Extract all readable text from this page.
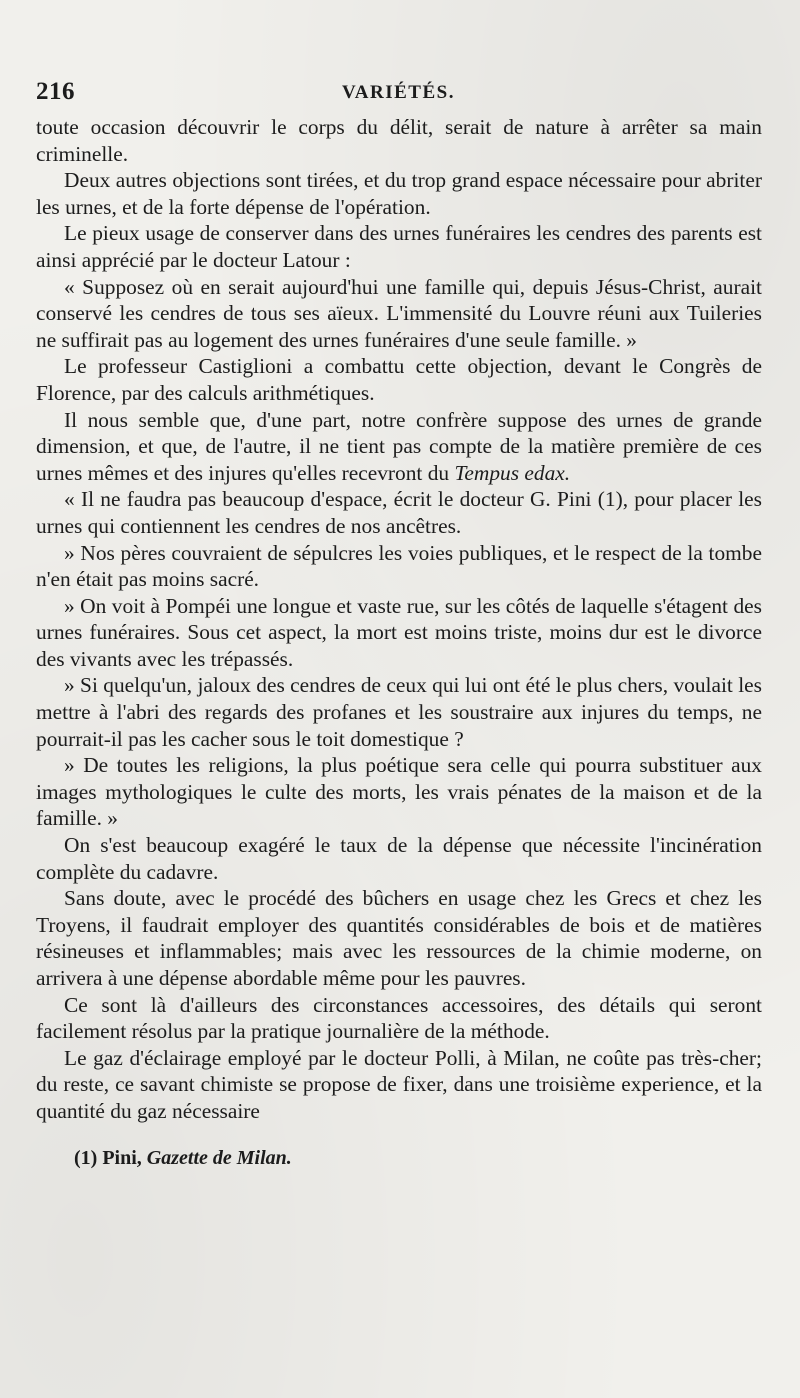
216	VARIÉTÉS.

toute occasion découvrir le corps du délit, serait de nature à arrêter sa main criminelle.

Deux autres objections sont tirées, et du trop grand espace nécessaire pour abriter les urnes, et de la forte dépense de l'opération.

Le pieux usage de conserver dans des urnes funéraires les cendres des parents est ainsi apprécié par le docteur Latour :

« Supposez où en serait aujourd'hui une famille qui, depuis Jésus-Christ, aurait conservé les cendres de tous ses aïeux. L'immensité du Louvre réuni aux Tuileries ne suffirait pas au logement des urnes funéraires d'une seule famille. »

Le professeur Castiglioni a combattu cette objection, devant le Congrès de Florence, par des calculs arithmétiques.

Il nous semble que, d'une part, notre confrère suppose des urnes de grande dimension, et que, de l'autre, il ne tient pas compte de la matière première de ces urnes mêmes et des injures qu'elles recevront du Tempus edax.

« Il ne faudra pas beaucoup d'espace, écrit le docteur G. Pini (1), pour placer les urnes qui contiennent les cendres de nos ancêtres.

» Nos pères couvraient de sépulcres les voies publiques, et le respect de la tombe n'en était pas moins sacré.

» On voit à Pompéi une longue et vaste rue, sur les côtés de laquelle s'étagent des urnes funéraires. Sous cet aspect, la mort est moins triste, moins dur est le divorce des vivants avec les trépassés.

» Si quelqu'un, jaloux des cendres de ceux qui lui ont été le plus chers, voulait les mettre à l'abri des regards des profanes et les soustraire aux injures du temps, ne pourrait-il pas les cacher sous le toit domestique ?

» De toutes les religions, la plus poétique sera celle qui pourra substituer aux images mythologiques le culte des morts, les vrais pénates de la maison et de la famille. »

On s'est beaucoup exagéré le taux de la dépense que nécessite l'incinération complète du cadavre.

Sans doute, avec le procédé des bûchers en usage chez les Grecs et chez les Troyens, il faudrait employer des quantités considérables de bois et de matières résineuses et inflammables; mais avec les ressources de la chimie moderne, on arrivera à une dépense abordable même pour les pauvres.

Ce sont là d'ailleurs des circonstances accessoires, des détails qui seront facilement résolus par la pratique journalière de la méthode.

Le gaz d'éclairage employé par le docteur Polli, à Milan, ne coûte pas très-cher; du reste, ce savant chimiste se propose de fixer, dans une troisième experience, et la quantité du gaz nécessaire

(1) Pini, Gazette de Milan.
